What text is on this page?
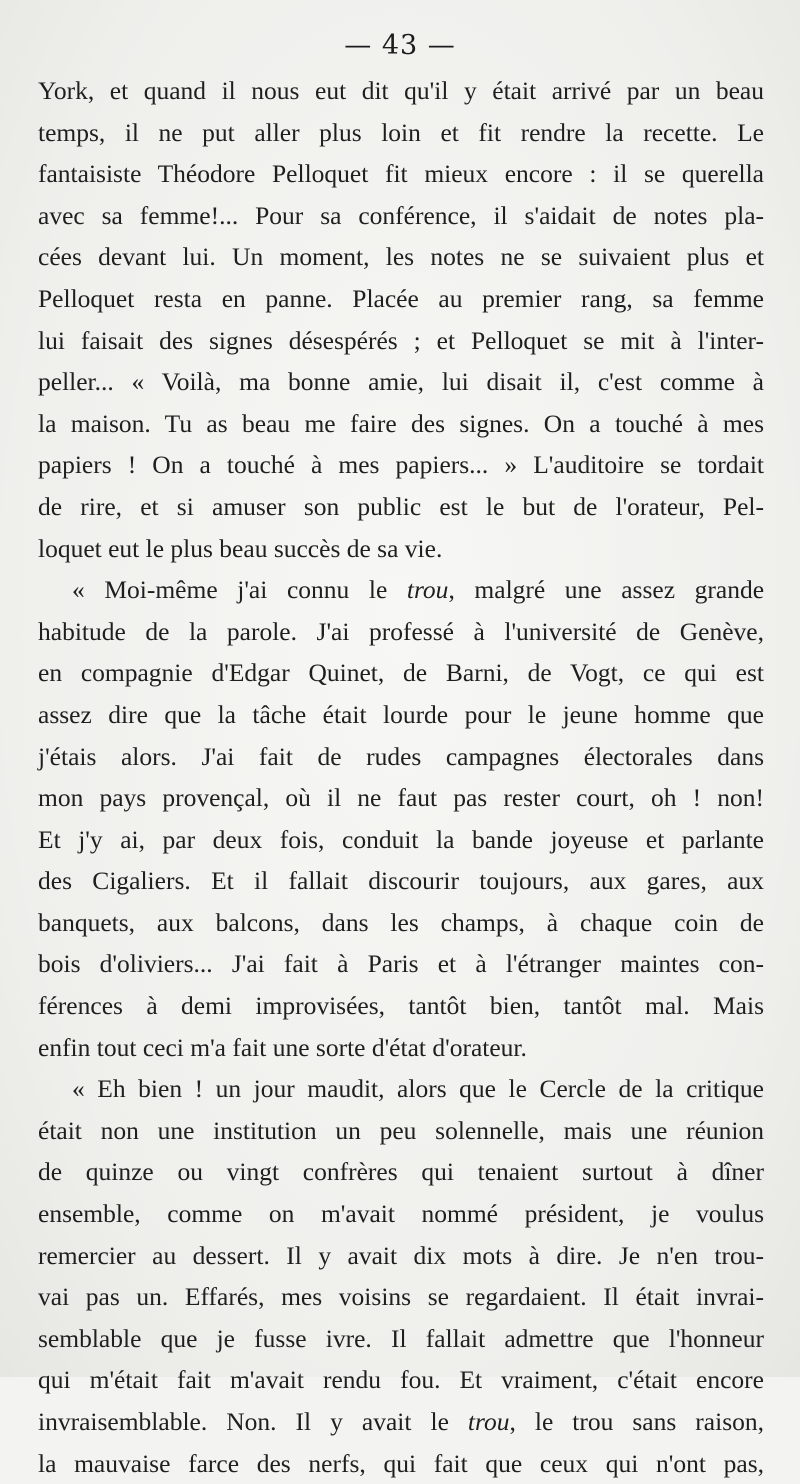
— 43 —
York, et quand il nous eut dit qu'il y était arrivé par un beau
temps, il ne put aller plus loin et fit rendre la recette. Le
fantaisiste Théodore Pelloquet fit mieux encore : il se querella
avec sa femme!... Pour sa conférence, il s'aidait de notes pla-
cées devant lui. Un moment, les notes ne se suivaient plus et
Pelloquet resta en panne. Placée au premier rang, sa femme
lui faisait des signes désespérés ; et Pelloquet se mit à l'inter-
peller... « Voilà, ma bonne amie, lui disait il, c'est comme à
la maison. Tu as beau me faire des signes. On a touché à mes
papiers ! On a touché à mes papiers... » L'auditoire se tordait
de rire, et si amuser son public est le but de l'orateur, Pel-
loquet eut le plus beau succès de sa vie.
« Moi-même j'ai connu le trou, malgré une assez grande
habitude de la parole. J'ai professé à l'université de Genève,
en compagnie d'Edgar Quinet, de Barni, de Vogt, ce qui est
assez dire que la tâche était lourde pour le jeune homme que
j'étais alors. J'ai fait de rudes campagnes électorales dans
mon pays provençal, où il ne faut pas rester court, oh ! non!
Et j'y ai, par deux fois, conduit la bande joyeuse et parlante
des Cigaliers. Et il fallait discourir toujours, aux gares, aux
banquets, aux balcons, dans les champs, à chaque coin de
bois d'oliviers... J'ai fait à Paris et à l'étranger maintes con-
férences à demi improvisées, tantôt bien, tantôt mal. Mais
enfin tout ceci m'a fait une sorte d'état d'orateur.
« Eh bien ! un jour maudit, alors que le Cercle de la critique
était non une institution un peu solennelle, mais une réunion
de quinze ou vingt confrères qui tenaient surtout à dîner
ensemble, comme on m'avait nommé président, je voulus
remercier au dessert. Il y avait dix mots à dire. Je n'en trou-
vai pas un. Effarés, mes voisins se regardaient. Il était invrai-
semblable que je fusse ivre. Il fallait admettre que l'honneur
qui m'était fait m'avait rendu fou. Et vraiment, c'était encore
invraisemblable. Non. Il y avait le trou, le trou sans raison,
la mauvaise farce des nerfs, qui fait que ceux qui n'ont pas,
